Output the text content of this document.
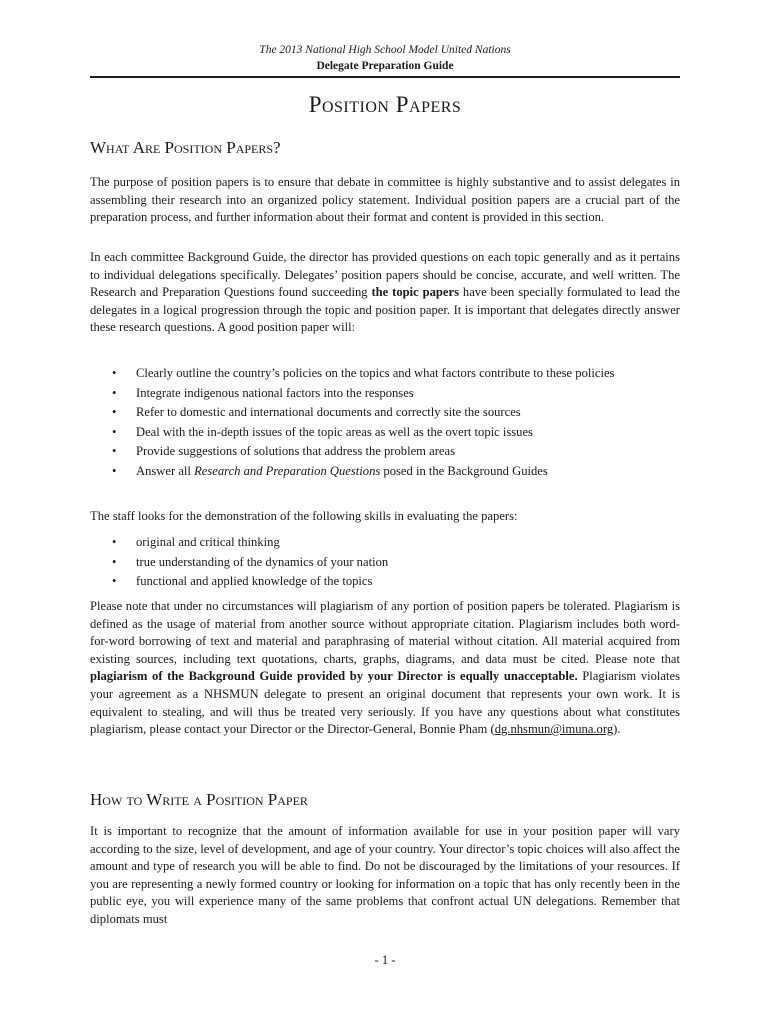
The 2013 National High School Model United Nations
Delegate Preparation Guide
Position Papers
What Are Position Papers?

The purpose of position papers is to ensure that debate in committee is highly substantive and to assist delegates in assembling their research into an organized policy statement. Individual position papers are a crucial part of the preparation process, and further information about their format and content is provided in this section.

In each committee Background Guide, the director has provided questions on each topic generally and as it pertains to individual delegations specifically. Delegates’ position papers should be concise, accurate, and well written. The Research and Preparation Questions found succeeding the topic papers have been specially formulated to lead the delegates in a logical progression through the topic and position paper. It is important that delegates directly answer these research questions. A good position paper will:

• Clearly outline the country’s policies on the topics and what factors contribute to these policies
• Integrate indigenous national factors into the responses
• Refer to domestic and international documents and correctly site the sources
• Deal with the in-depth issues of the topic areas as well as the overt topic issues
• Provide suggestions of solutions that address the problem areas
• Answer all Research and Preparation Questions posed in the Background Guides

The staff looks for the demonstration of the following skills in evaluating the papers:

• original and critical thinking
• true understanding of the dynamics of your nation
• functional and applied knowledge of the topics

Please note that under no circumstances will plagiarism of any portion of position papers be tolerated. Plagiarism is defined as the usage of material from another source without appropriate citation. Plagiarism includes both word-for-word borrowing of text and material and paraphrasing of material without citation. All material acquired from existing sources, including text quotations, charts, graphs, diagrams, and data must be cited. Please note that plagiarism of the Background Guide provided by your Director is equally unacceptable. Plagiarism violates your agreement as a NHSMUN delegate to present an original document that represents your own work. It is equivalent to stealing, and will thus be treated very seriously. If you have any questions about what constitutes plagiarism, please contact your Director or the Director-General, Bonnie Pham (dg.nhsmun@imuna.org).

How to Write a Position Paper

It is important to recognize that the amount of information available for use in your position paper will vary according to the size, level of development, and age of your country. Your director’s topic choices will also affect the amount and type of research you will be able to find. Do not be discouraged by the limitations of your resources. If you are representing a newly formed country or looking for information on a topic that has only recently been in the public eye, you will experience many of the same problems that confront actual UN delegations. Remember that diplomats must

- 1 -
